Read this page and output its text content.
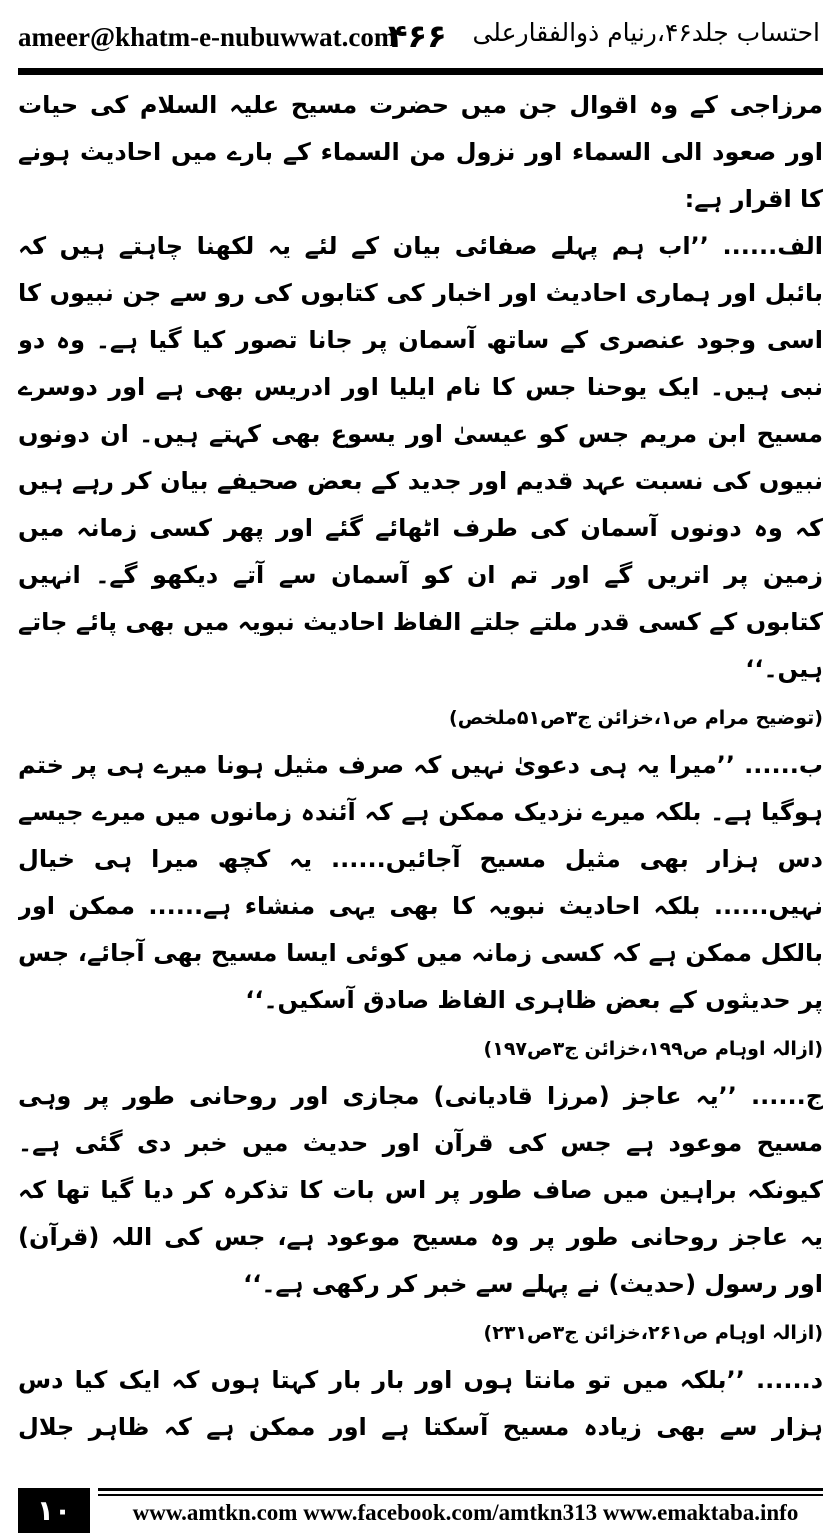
ameer@khatm-e-nubuwwat.com
۴۶۶ احتساب جلد۴۶،رنیام ذوالفقارعلی

مرزاجی کے وہ اقوال جن میں حضرت مسیح علیہ السلام کی حیات اور صعود الی السماء اور نزول من السماء کے بارے میں احادیث ہونے کا اقرار ہے:

الف...... ’’اب ہم پہلے صفائی بیان کے لئے یہ لکھنا چاہتے ہیں کہ بائبل اور ہماری احادیث اور اخبار کی کتابوں کی رو سے جن نبیوں کا اسی وجود عنصری کے ساتھ آسمان پر جانا تصور کیا گیا ہے۔ وہ دو نبی ہیں۔ ایک یوحنا جس کا نام ایلیا اور ادریس بھی ہے اور دوسرے مسیح ابن مریم جس کو عیسیٰ اور یسوع بھی کہتے ہیں۔ ان دونوں نبیوں کی نسبت عہد قدیم اور جدید کے بعض صحیفے بیان کر رہے ہیں کہ وہ دونوں آسمان کی طرف اٹھائے گئے اور پھر کسی زمانہ میں زمین پر اتریں گے اور تم ان کو آسمان سے آتے دیکھو گے۔ انہیں کتابوں کے کسی قدر ملتے جلتے الفاظ احادیث نبویہ میں بھی پائے جاتے ہیں۔‘‘

(توضیح مرام ص۱،خزائن ج۳ص۵۱ملخص)

ب...... ’’میرا یہ ہی دعویٰ نہیں کہ صرف مثیل ہونا میرے ہی پر ختم ہوگیا ہے۔ بلکہ میرے نزدیک ممکن ہے کہ آئندہ زمانوں میں میرے جیسے دس ہزار بھی مثیل مسیح آجائیں...... یہ کچھ میرا ہی خیال نہیں...... بلکہ احادیث نبویہ کا بھی یہی منشاء ہے...... ممکن اور بالکل ممکن ہے کہ کسی زمانہ میں کوئی ایسا مسیح بھی آجائے، جس پر حدیثوں کے بعض ظاہری الفاظ صادق آسکیں۔‘‘

(ازالہ اوہام ص۱۹۹،خزائن ج۳ص۱۹۷)

ج...... ’’یہ عاجز (مرزا قادیانی) مجازی اور روحانی طور پر وہی مسیح موعود ہے جس کی قرآن اور حدیث میں خبر دی گئی ہے۔ کیونکہ براہین میں صاف طور پر اس بات کا تذکرہ کر دیا گیا تھا کہ یہ عاجز روحانی طور پر وہ مسیح موعود ہے، جس کی اللہ (قرآن) اور رسول (حدیث) نے پہلے سے خبر کر رکھی ہے۔‘‘

(ازالہ اوہام ص۲۶۱،خزائن ج۳ص۲۳۱)

د...... ’’بلکہ میں تو مانتا ہوں اور بار بار کہتا ہوں کہ ایک کیا دس ہزار سے بھی زیادہ مسیح آسکتا ہے اور ممکن ہے کہ ظاہر جلال

۱۰	www.amtkn.com www.facebook.com/amtkn313 www.emaktaba.info
